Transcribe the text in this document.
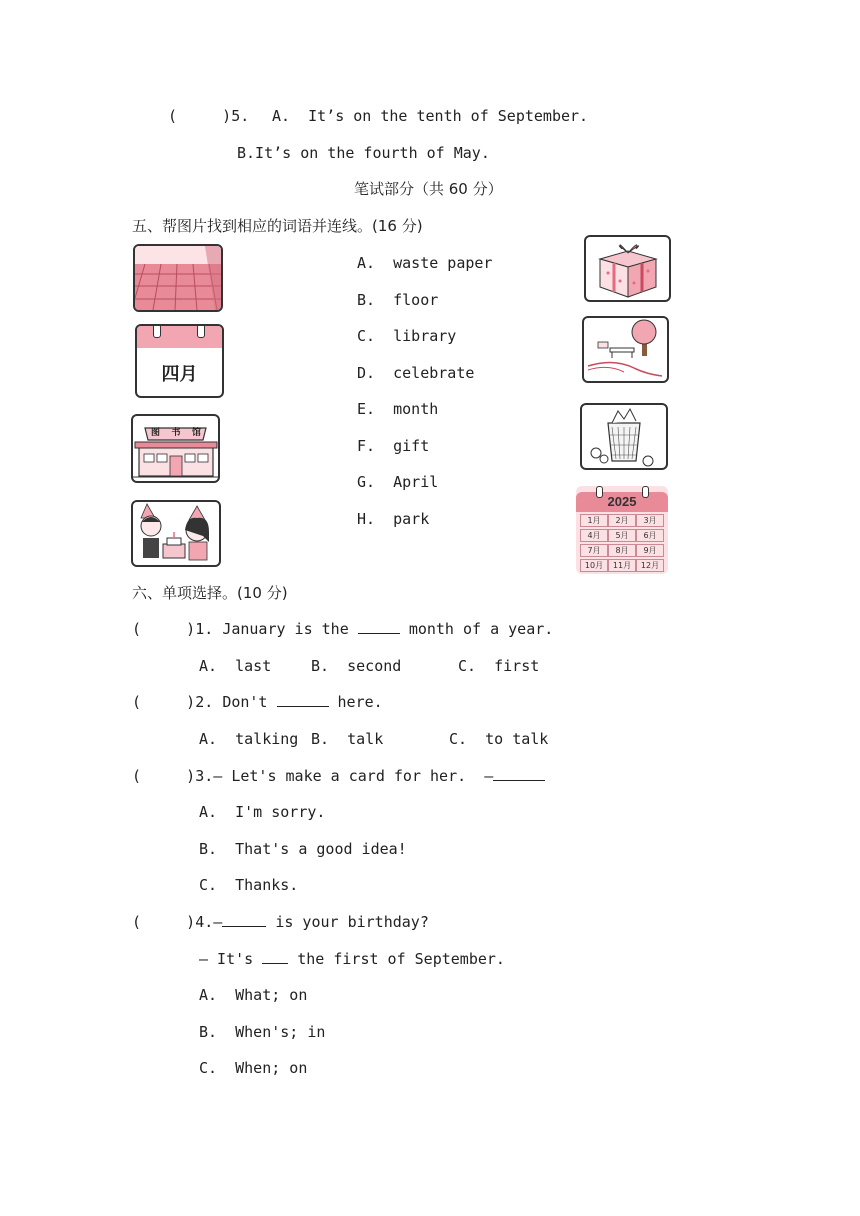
(     )5. A.  It’s on the tenth of September.
B.It’s on the fourth of May.
笔试部分（共 60 分）
五、帮图片找到相应的词语并连线。(16 分)
四月
图 书 馆
A. waste paper
B. floor
C. library
D. celebrate
E. month
F. gift
G. April
H. park
2025
1月	2月	3月
4月	5月	6月
7月	8月	9月
10月	11月	12月
六、单项选择。(10 分)
(     )1. January is the	month of a year.
A.  last	B.  second	C.  first
(     )2. Don't	here.
A.  talking B.  talk	C.  to talk
(     )3.— Let's make a card for her.  —
A.  I'm sorry.
B.  That's a good idea!
C.  Thanks.
(     )4.—	is your birthday?
— It's	the first of September.
A.  What; on
B.  When's; in
C.  When; on
